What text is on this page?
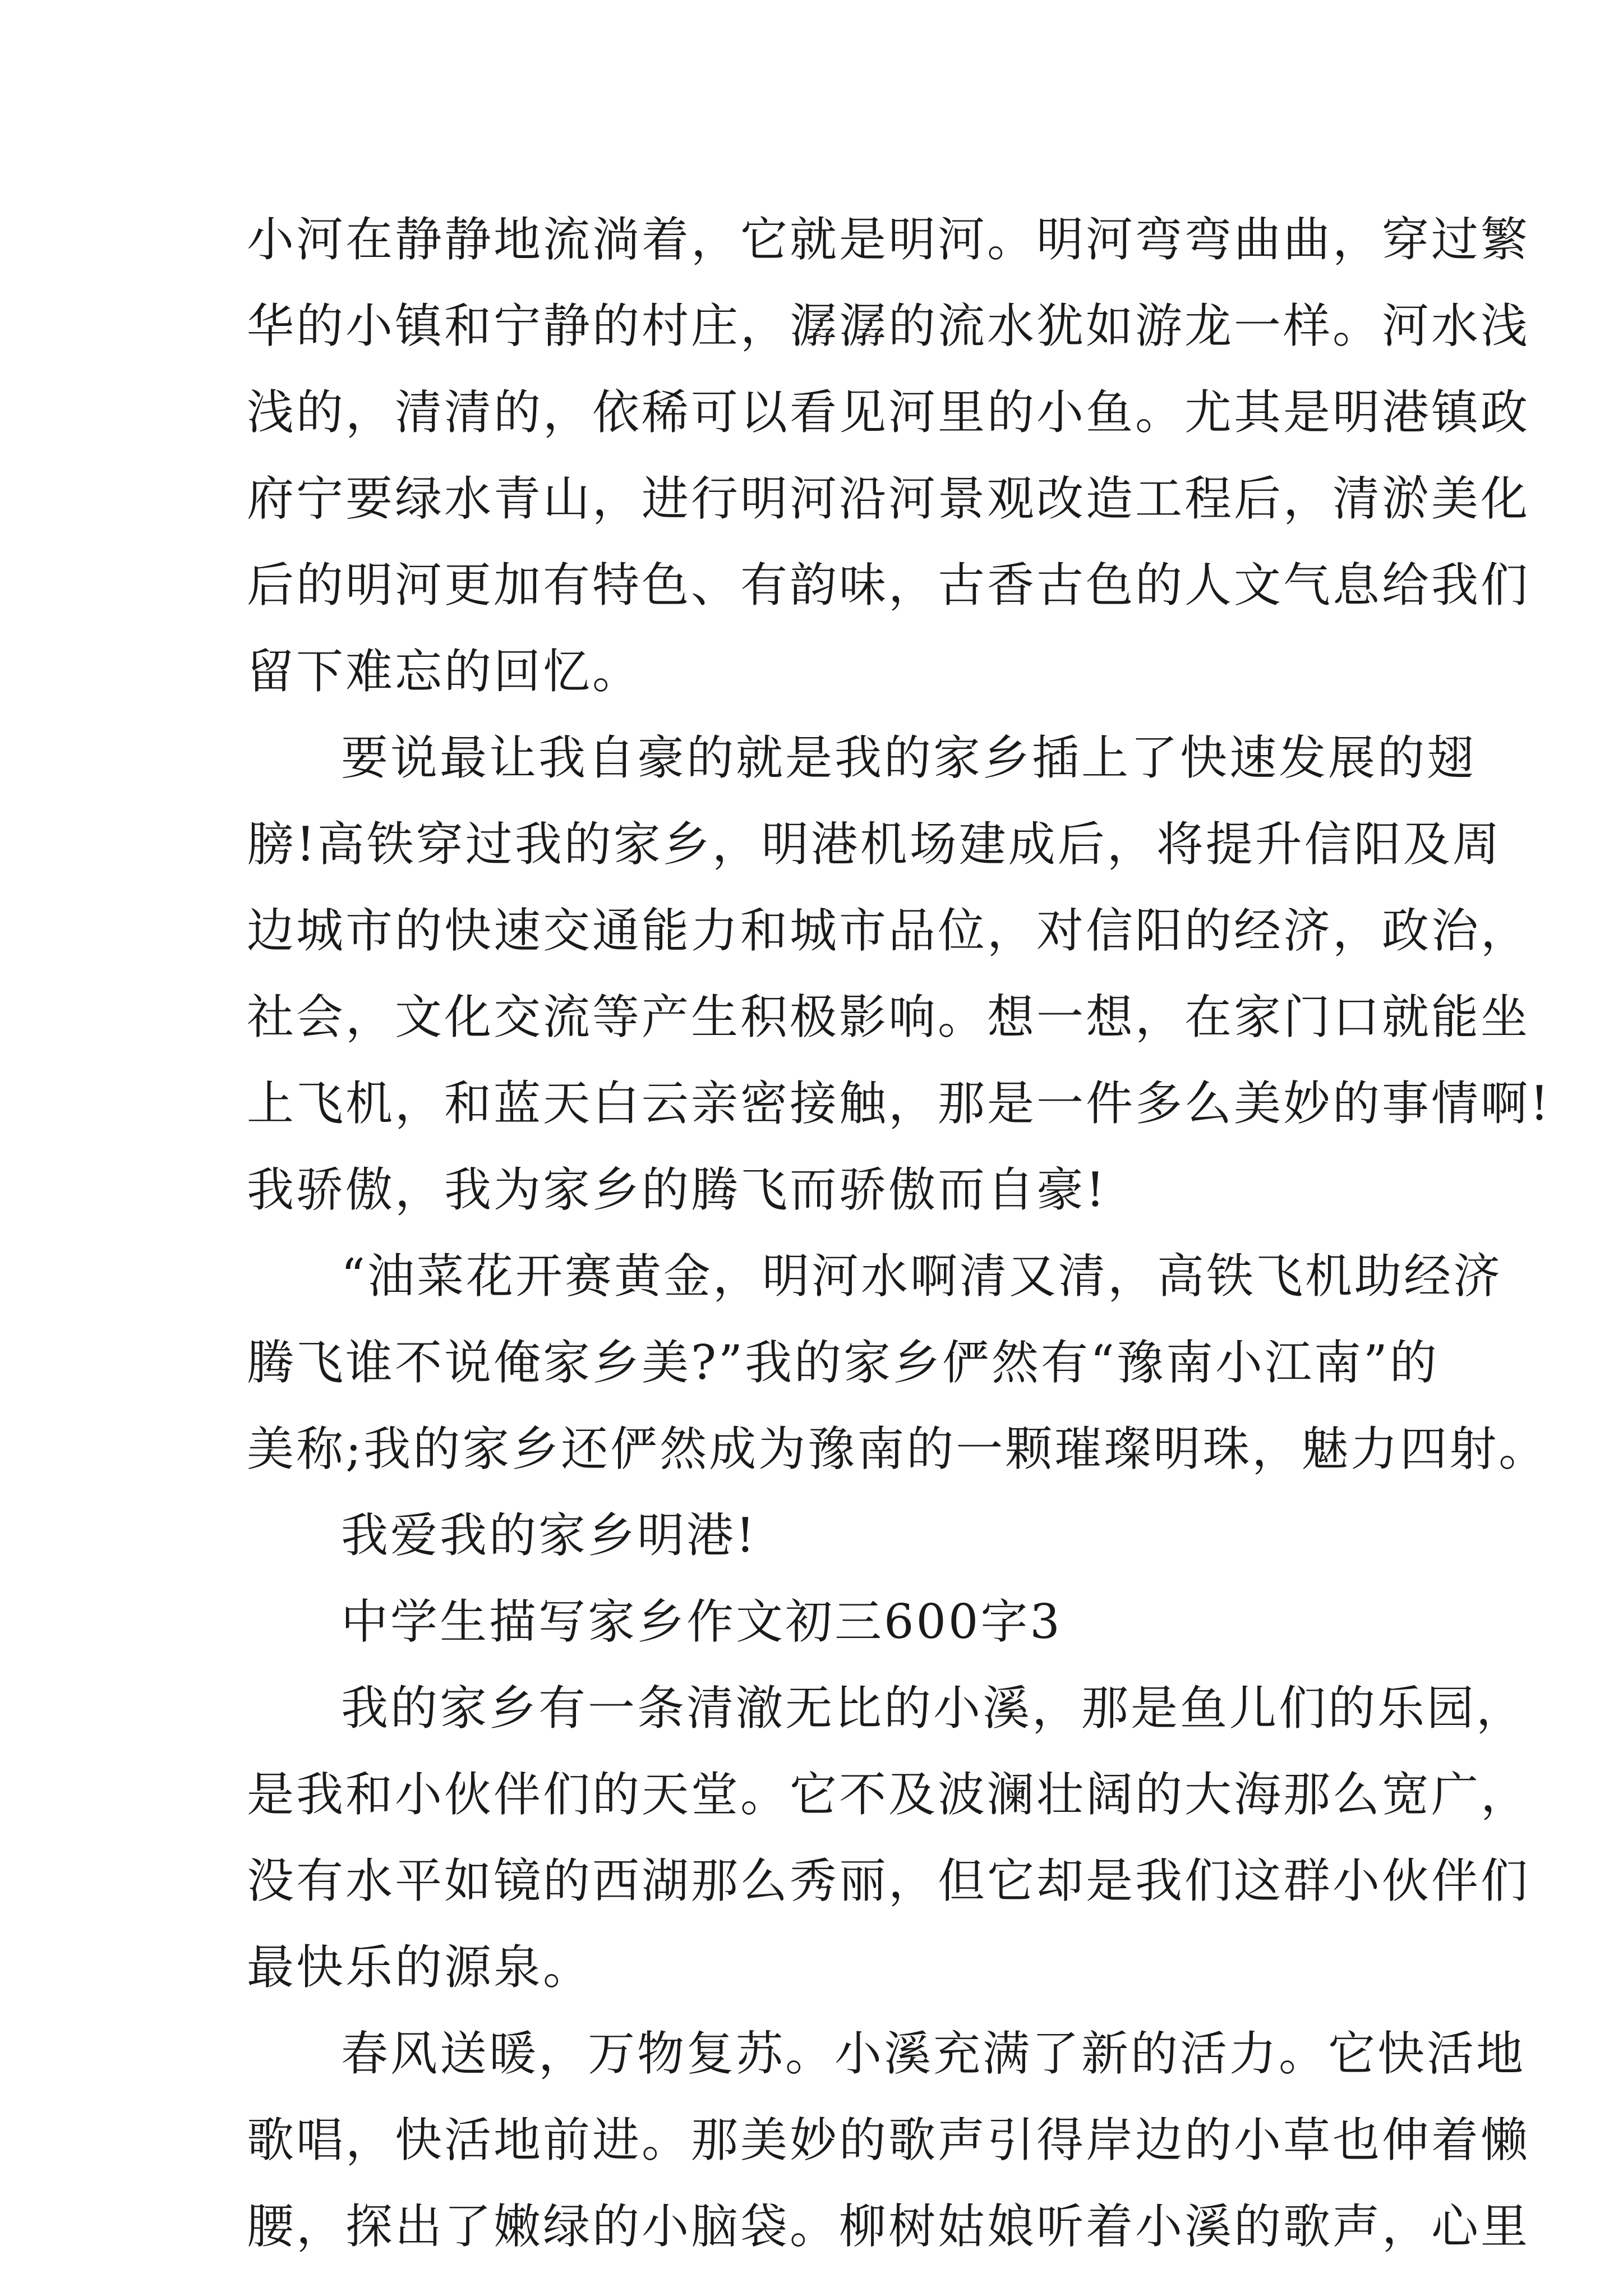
小河在静静地流淌着，它就是明河。明河弯弯曲曲，穿过繁
华的小镇和宁静的村庄，潺潺的流水犹如游龙一样。河水浅
浅的，清清的，依稀可以看见河里的小鱼。尤其是明港镇政
府宁要绿水青山，进行明河沿河景观改造工程后，清淤美化
后的明河更加有特色、有韵味，古香古色的人文气息给我们
留下难忘的回忆。
要说最让我自豪的就是我的家乡插上了快速发展的翅
膀!高铁穿过我的家乡，明港机场建成后，将提升信阳及周
边城市的快速交通能力和城市品位，对信阳的经济，政治，
社会，文化交流等产生积极影响。想一想，在家门口就能坐
上飞机，和蓝天白云亲密接触，那是一件多么美妙的事情啊!
我骄傲，我为家乡的腾飞而骄傲而自豪!
“油菜花开赛黄金，明河水啊清又清，高铁飞机助经济
腾飞谁不说俺家乡美?”我的家乡俨然有“豫南小江南”的
美称;我的家乡还俨然成为豫南的一颗璀璨明珠，魅力四射。
我爱我的家乡明港!
中学生描写家乡作文初三600字3
我的家乡有一条清澈无比的小溪，那是鱼儿们的乐园，
是我和小伙伴们的天堂。它不及波澜壮阔的大海那么宽广，
没有水平如镜的西湖那么秀丽，但它却是我们这群小伙伴们
最快乐的源泉。
春风送暖，万物复苏。小溪充满了新的活力。它快活地
歌唱，快活地前进。那美妙的歌声引得岸边的小草也伸着懒
腰，探出了嫩绿的小脑袋。柳树姑娘听着小溪的歌声，心里
